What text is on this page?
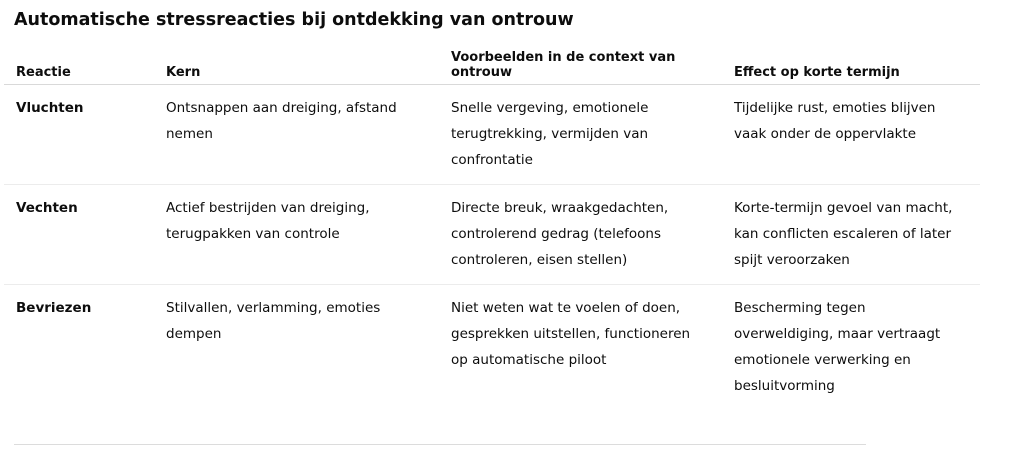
Automatische stressreacties bij ontdekking van ontrouw
Reactie	Kern	Voorbeelden in de context van ontrouw	Effect op korte termijn
Vluchten	Ontsnappen aan dreiging, afstand nemen	Snelle vergeving, emotionele terugtrekking, vermijden van confrontatie	Tijdelijke rust, emoties blijven vaak onder de oppervlakte
Vechten	Actief bestrijden van dreiging, terugpakken van controle	Directe breuk, wraakgedachten, controlerend gedrag (telefoons controleren, eisen stellen)	Korte-termijn gevoel van macht, kan conflicten escaleren of later spijt veroorzaken
Bevriezen	Stilvallen, verlamming, emoties dempen	Niet weten wat te voelen of doen, gesprekken uitstellen, functioneren op automatische piloot	Bescherming tegen overweldiging, maar vertraagt emotionele verwerking en besluitvorming
